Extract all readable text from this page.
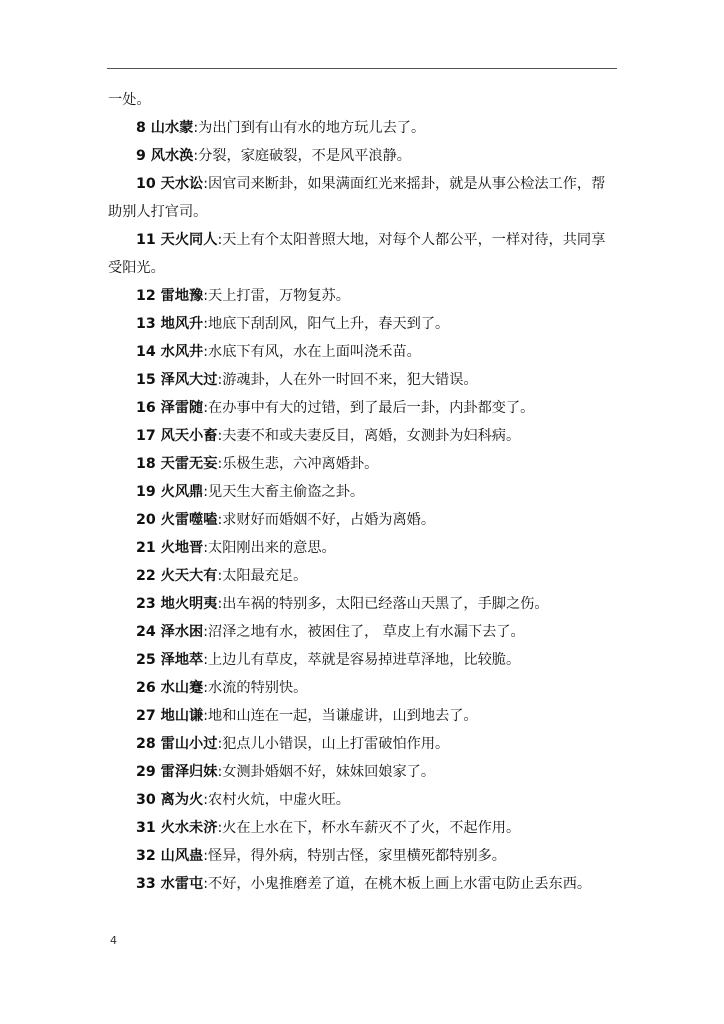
一处。
8 山水蒙:为出门到有山有水的地方玩儿去了。
9 风水涣:分裂，家庭破裂，不是风平浪静。
10 天水讼:因官司来断卦，如果满面红光来摇卦，就是从事公检法工作，帮
助别人打官司。
11 天火同人:天上有个太阳普照大地，对每个人都公平，一样对待，共同享
受阳光。
12 雷地豫:天上打雷，万物复苏。
13 地风升:地底下刮刮风，阳气上升，春天到了。
14 水风井:水底下有风，水在上面叫浇禾苗。
15 泽风大过:游魂卦，人在外一时回不来，犯大错误。
16 泽雷随:在办事中有大的过错，到了最后一卦，内卦都变了。
17 风天小畜:夫妻不和或夫妻反目，离婚，女测卦为妇科病。
18 天雷无妄:乐极生悲，六冲离婚卦。
19 火风鼎:见天生大畜主偷盗之卦。
20 火雷噬嗑:求财好而婚姻不好，占婚为离婚。
21 火地晋:太阳刚出来的意思。
22 火天大有:太阳最充足。
23 地火明夷:出车祸的特别多，太阳已经落山天黑了，手脚之伤。
24 泽水困:沼泽之地有水，被困住了， 草皮上有水漏下去了。
25 泽地萃:上边儿有草皮，萃就是容易掉进草泽地，比较脆。
26 水山蹇:水流的特别快。
27 地山谦:地和山连在一起，当谦虚讲，山到地去了。
28 雷山小过:犯点儿小错误，山上打雷破怕作用。
29 雷泽归妹:女测卦婚姻不好，妹妹回娘家了。
30 离为火:农村火炕，中虚火旺。
31 火水未济:火在上水在下，杯水车薪灭不了火，不起作用。
32 山风蛊:怪异，得外病，特别古怪，家里横死都特别多。
33 水雷屯:不好，小鬼推磨差了道，在桃木板上画上水雷屯防止丢东西。
4
